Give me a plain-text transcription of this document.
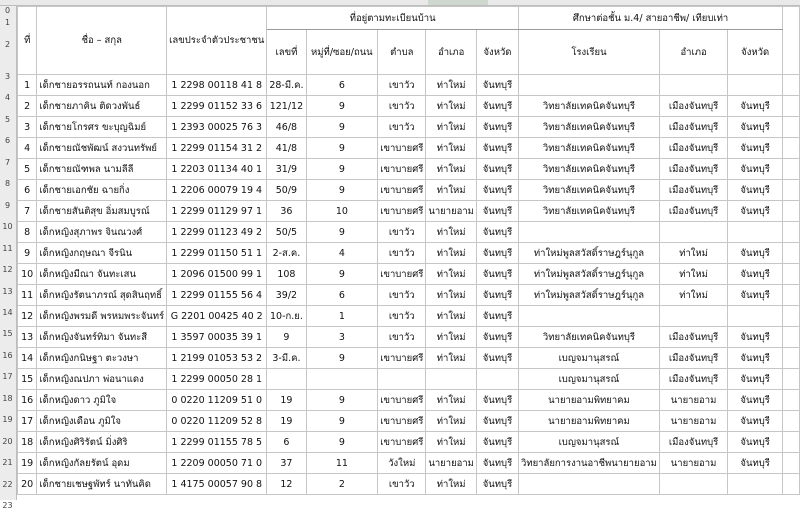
0
1
2
3
4
5
6
7
8
9
10
11
12
13
14
15
16
17
18
19
20
21
22
23
ที่	ชื่อ – สกุล	เลขประจำตัวประชาชน	ที่อยู่ตามทะเบียนบ้าน					ศึกษาต่อชั้น ม.4/ สายอาชีพ/ เทียบเท่า			
			เลขที่	หมู่ที่/ซอย/ถนน	ตำบล	อำเภอ	จังหวัด	โรงเรียน	อำเภอ	จังหวัด	
1	เด็กชายอรรถนนท์ กองนอก	1 2298 00118 41 8	28-มี.ค.	6	เขาวัว	ท่าใหม่	จันทบุรี				
2	เด็กชายภาคิน ติดวงพันธ์	1 2299 01152 33 6	121/12	9	เขาวัว	ท่าใหม่	จันทบุรี	วิทยาลัยเทคนิคจันทบุรี	เมืองจันทบุรี	จันทบุรี	
3	เด็กชายโกรศร ขะบุญฉิมย์	1 2393 00025 76 3	46/8	9	เขาวัว	ท่าใหม่	จันทบุรี	วิทยาลัยเทคนิคจันทบุรี	เมืองจันทบุรี	จันทบุรี	
4	เด็กชายณัชพัฒน์ สงวนทรัพย์	1 2299 01154 31 2	41/8	9	เขาบายศรี	ท่าใหม่	จันทบุรี	วิทยาลัยเทคนิคจันทบุรี	เมืองจันทบุรี	จันทบุรี	
5	เด็กชายณัฑพล นามลีลี	1 2203 01134 40 1	31/9	9	เขาบายศรี	ท่าใหม่	จันทบุรี	วิทยาลัยเทคนิคจันทบุรี	เมืองจันทบุรี	จันทบุรี	
6	เด็กชายเอกชัย ฉายกิ่ง	1 2206 00079 19 4	50/9	9	เขาบายศรี	ท่าใหม่	จันทบุรี	วิทยาลัยเทคนิคจันทบุรี	เมืองจันทบุรี	จันทบุรี	
7	เด็กชายสันติสุข อิ่มสมบูรณ์	1 2299 01129 97 1	36	10	เขาบายศรี	นายายอาม	จันทบุรี	วิทยาลัยเทคนิคจันทบุรี	เมืองจันทบุรี	จันทบุรี	
8	เด็กหญิงสุภาพร จินณวงศ์	1 2299 01123 49 2	50/5	9	เขาวัว	ท่าใหม่	จันทบุรี				
9	เด็กหญิงกฤษณา จีรนิน	1 2299 01150 51 1	2-ส.ค.	4	เขาวัว	ท่าใหม่	จันทบุรี	ท่าใหม่พูลสวัสดิ์ราษฎร์นุกูล	ท่าใหม่	จันทบุรี	
10	เด็กหญิงมีณา จันทะเสน	1 2096 01500 99 1	108	9	เขาบายศรี	ท่าใหม่	จันทบุรี	ท่าใหม่พูลสวัสดิ์ราษฎร์นุกูล	ท่าใหม่	จันทบุรี	
11	เด็กหญิงรัตนาภรณ์ สุดสินฤทธิ์	1 2299 01155 56 4	39/2	6	เขาวัว	ท่าใหม่	จันทบุรี	ท่าใหม่พูลสวัสดิ์ราษฎร์นุกูล	ท่าใหม่	จันทบุรี	
12	เด็กหญิงพรมดี พรหมพระจันทร์	G 2201 00425 40 2	10-ก.ย.	1	เขาวัว	ท่าใหม่	จันทบุรี				
13	เด็กหญิงจันทร์ทิมา จันทะสี	1 3597 00035 39 1	9	3	เขาวัว	ท่าใหม่	จันทบุรี	วิทยาลัยเทคนิคจันทบุรี	เมืองจันทบุรี	จันทบุรี	
14	เด็กหญิงกนิษฐา ตะวงษา	1 2199 01053 53 2	3-มี.ค.	9	เขาบายศรี	ท่าใหม่	จันทบุรี	เบญจมานุสรณ์	เมืองจันทบุรี	จันทบุรี	
15	เด็กหญิงณปภา พ่อนาแดง	1 2299 00050 28 1						เบญจมานุสรณ์	เมืองจันทบุรี	จันทบุรี	
16	เด็กหญิงดาว ภูมิใจ	0 0220 11209 51 0	19	9	เขาบายศรี	ท่าใหม่	จันทบุรี	นายายอามพิทยาคม	นายายอาม	จันทบุรี	
17	เด็กหญิงเดือน ภูมิใจ	0 0220 11209 52 8	19	9	เขาบายศรี	ท่าใหม่	จันทบุรี	นายายอามพิทยาคม	นายายอาม	จันทบุรี	
18	เด็กหญิงศิริรัตน์ มิ่งศิริ	1 2299 01155 78 5	6	9	เขาบายศรี	ท่าใหม่	จันทบุรี	เบญจมานุสรณ์	เมืองจันทบุรี	จันทบุรี	
19	เด็กหญิงกัลยรัตน์ อุดม	1 2209 00050 71 0	37	11	วังใหม่	นายายอาม	จันทบุรี	วิทยาลัยการงานอาชีพนายายอาม	นายายอาม	จันทบุรี	
20	เด็กชายเชษฐพัทร์ นาทันคิด	1 4175 00057 90 8	12	2	เขาวัว	ท่าใหม่	จันทบุรี				
